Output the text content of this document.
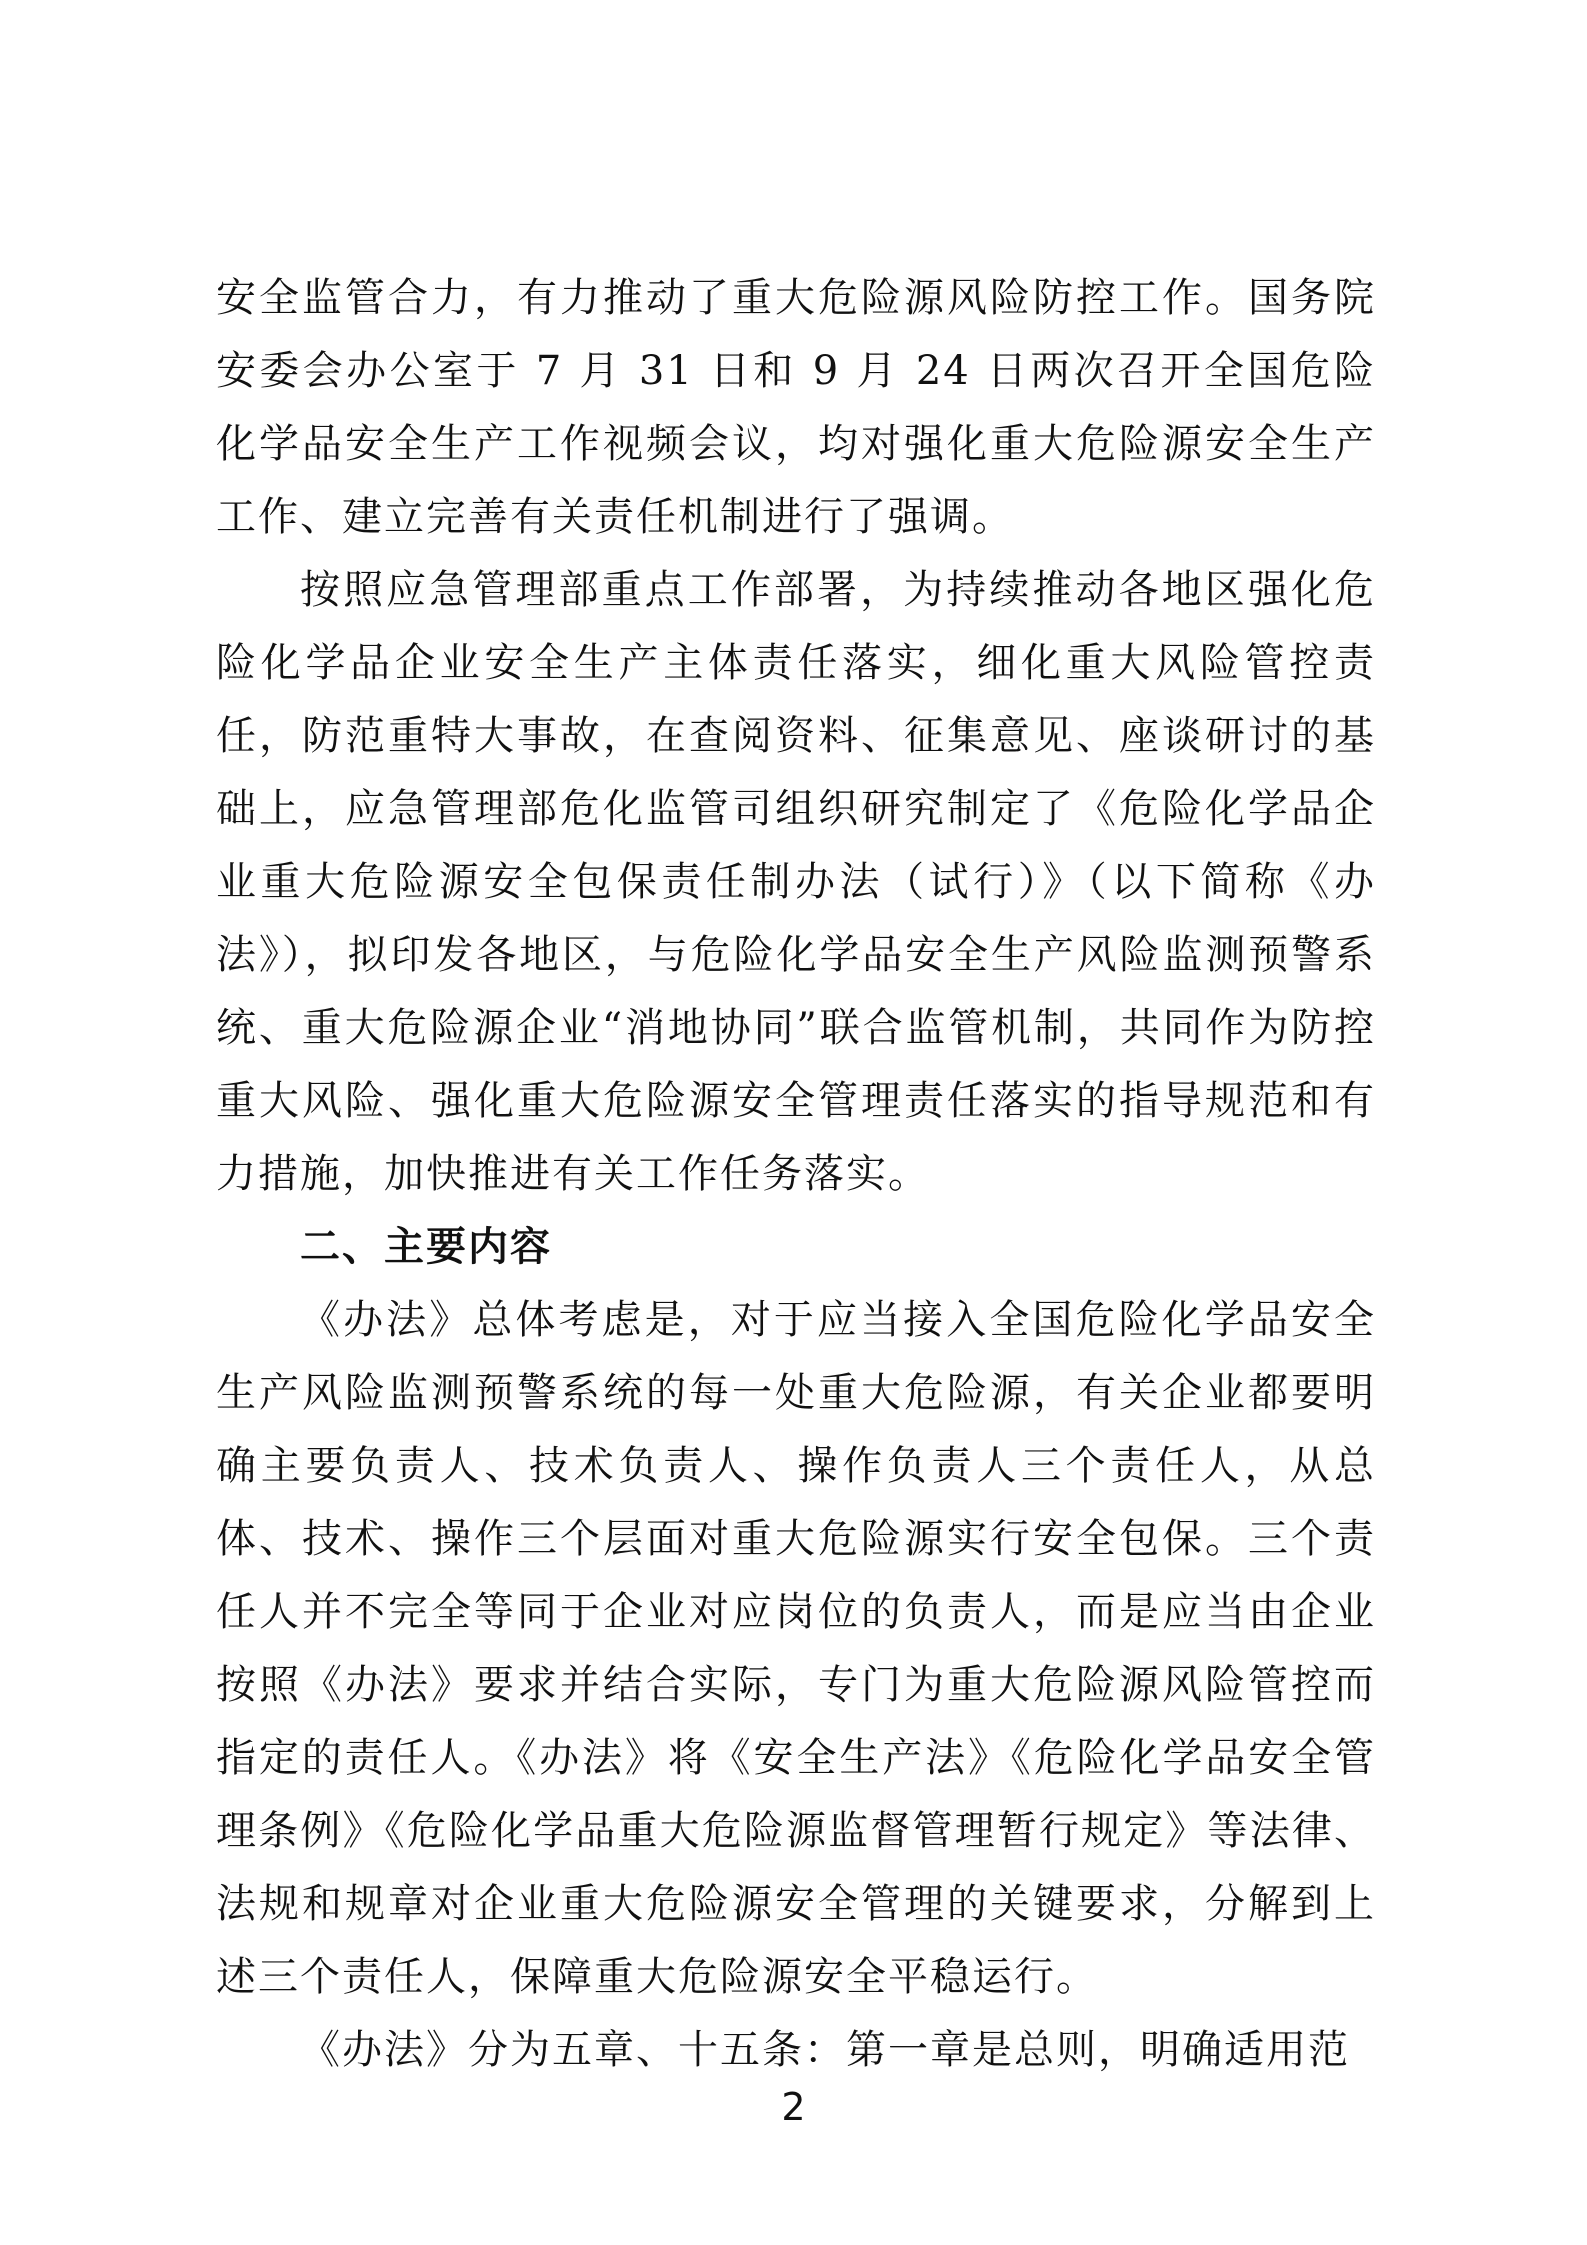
安全监管合力，有力推动了重大危险源风险防控工作。国务院安委会办公室于 7 月 31 日和 9 月 24 日两次召开全国危险化学品安全生产工作视频会议，均对强化重大危险源安全生产工作、建立完善有关责任机制进行了强调。

按照应急管理部重点工作部署，为持续推动各地区强化危险化学品企业安全生产主体责任落实，细化重大风险管控责任，防范重特大事故，在查阅资料、征集意见、座谈研讨的基础上，应急管理部危化监管司组织研究制定了《危险化学品企业重大危险源安全包保责任制办法（试行）》（以下简称《办法》），拟印发各地区，与危险化学品安全生产风险监测预警系统、重大危险源企业“消地协同”联合监管机制，共同作为防控重大风险、强化重大危险源安全管理责任落实的指导规范和有力措施，加快推进有关工作任务落实。

二、主要内容

《办法》总体考虑是，对于应当接入全国危险化学品安全生产风险监测预警系统的每一处重大危险源，有关企业都要明确主要负责人、技术负责人、操作负责人三个责任人，从总体、技术、操作三个层面对重大危险源实行安全包保。三个责任人并不完全等同于企业对应岗位的负责人，而是应当由企业按照《办法》要求并结合实际，专门为重大危险源风险管控而指定的责任人。《办法》将《安全生产法》《危险化学品安全管理条例》《危险化学品重大危险源监督管理暂行规定》等法律、法规和规章对企业重大危险源安全管理的关键要求，分解到上述三个责任人，保障重大危险源安全平稳运行。

《办法》分为五章、十五条：第一章是总则，明确适用范

2
